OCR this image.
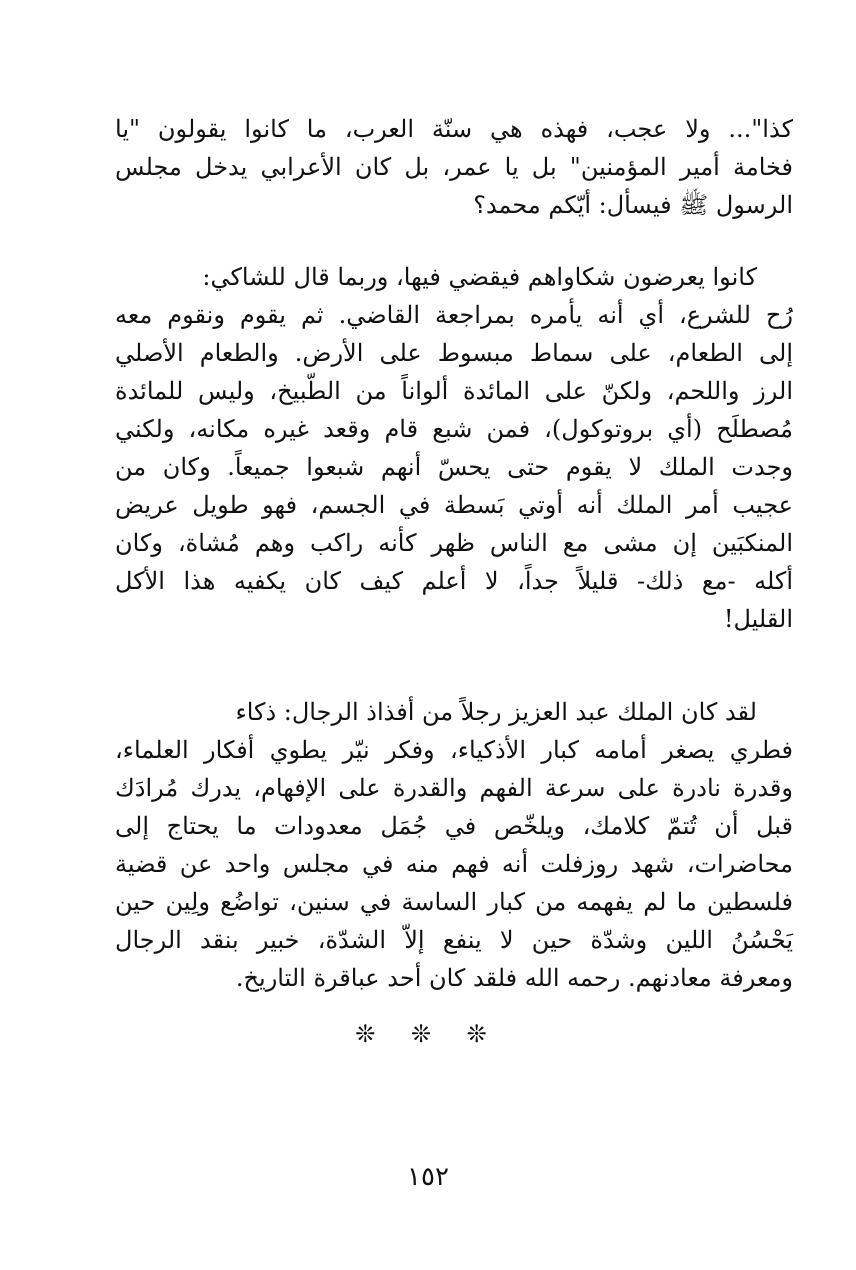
كذا"... ولا عجب، فهذه هي سنّة العرب، ما كانوا يقولون "يا
فخامة أمير المؤمنين" بل يا عمر، بل كان الأعرابي يدخل مجلس
الرسول ﷺ فيسأل: أيّكم محمد؟
كانوا يعرضون شكاواهم فيقضي فيها، وربما قال للشاكي:
رُح للشرع، أي أنه يأمره بمراجعة القاضي. ثم يقوم ونقوم معه
إلى الطعام، على سماط مبسوط على الأرض. والطعام الأصلي
الرز واللحم، ولكنّ على المائدة ألواناً من الطّبيخ، وليس للمائدة
مُصطلَح (أي بروتوكول)، فمن شبع قام وقعد غيره مكانه، ولكني
وجدت الملك لا يقوم حتى يحسّ أنهم شبعوا جميعاً. وكان من
عجيب أمر الملك أنه أوتي بَسطة في الجسم، فهو طويل عريض
المنكبَين إن مشى مع الناس ظهر كأنه راكب وهم مُشاة، وكان
أكله -مع ذلك- قليلاً جداً، لا أعلم كيف كان يكفيه هذا الأكل
القليل!
لقد كان الملك عبد العزيز رجلاً من أفذاذ الرجال: ذكاء
فطري يصغر أمامه كبار الأذكياء، وفكر نيّر يطوي أفكار العلماء،
وقدرة نادرة على سرعة الفهم والقدرة على الإفهام، يدرك مُرادَك
قبل أن تُتمّ كلامك، ويلخّص في جُمَل معدودات ما يحتاج إلى
محاضرات، شهد روزفلت أنه فهم منه في مجلس واحد عن قضية
فلسطين ما لم يفهمه من كبار الساسة في سنين، تواضُع ولِين حين
يَحْسُنُ اللين وشدّة حين لا ينفع إلاّ الشدّة، خبير بنقد الرجال
ومعرفة معادنهم. رحمه الله فلقد كان أحد عباقرة التاريخ.
❊ ❊ ❊
١٥٢
